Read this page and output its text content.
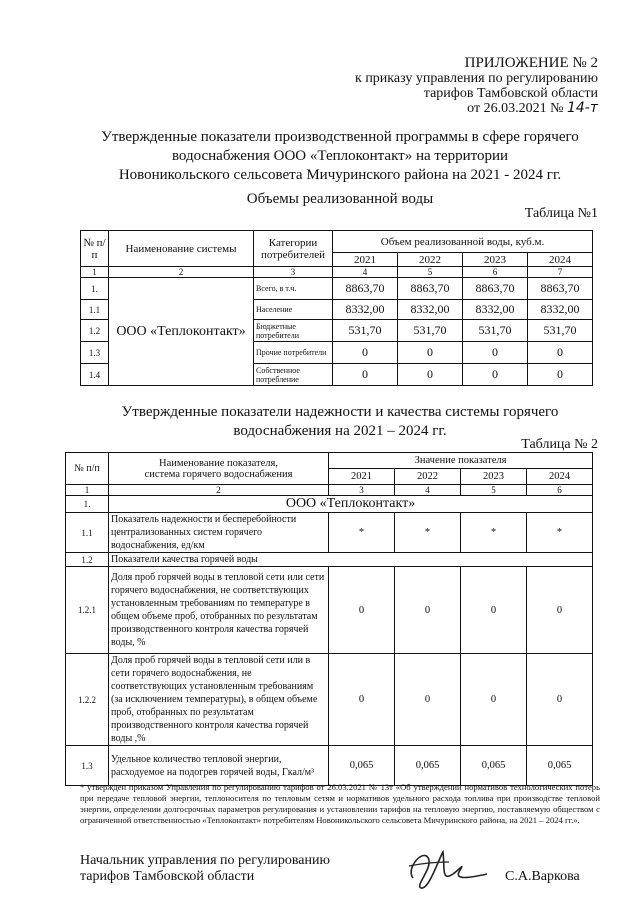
ПРИЛОЖЕНИЕ № 2
к приказу управления по регулированию
тарифов Тамбовской области
от 26.03.2021 № 14-т
Утвержденные показатели производственной программы в сфере горячего
водоснабжения ООО «Теплоконтакт» на территории
Новоникольского сельсовета Мичуринского района на 2021 - 2024 гг.
Объемы реализованной воды
Таблица №1
№ п/п	Наименование системы	Категории потребителей	Объем реализованной воды, куб.м.			
			2021	2022	2023	2024
1	2	3	4	5	6	7
1.	ООО «Теплоконтакт»	Всего, в т.ч.	8863,70	8863,70	8863,70	8863,70
1.1		Население	8332,00	8332,00	8332,00	8332,00
1.2		Бюджетные потребители	531,70	531,70	531,70	531,70
1.3		Прочие потребители	0	0	0	0
1.4		Собственное потребление	0	0	0	0
Утвержденные показатели надежности и качества системы горячего
водоснабжения на 2021 – 2024 гг.
Таблица № 2
№ п/п	Наименование показателя,
система горячего водоснабжения	Значение показателя			
		2021	2022	2023	2024
1	2	3	4	5	6
1.	ООО «Теплоконтакт»				
1.1	Показатель надежности и бесперебойности централизованных систем горячего водоснабжения, ед/км	*	*	*	*
1.2	Показатели качества горячей воды				
1.2.1	Доля проб горячей воды в тепловой сети или сети горячего водоснабжения, не соответствующих установленным требованиям по температуре в общем объеме проб, отобранных по результатам производственного контроля качества горячей воды, %	0	0	0	0
1.2.2	Доля проб горячей воды в тепловой сети или в сети горячего водоснабжения, не соответствующих установленным требованиям (за исключением температуры), в общем объеме проб, отобранных по результатам производственного контроля качества горячей воды ,%	0	0	0	0
1.3	Удельное количество тепловой энергии, расходуемое на подогрев горячей воды, Гкал/м³	0,065	0,065	0,065	0,065
* утвержден приказом Управления по регулированию тарифов от 26.03.2021 № 13т «Об утверждении нормативов технологических потерь при передаче тепловой энергии, теплоносителя по тепловым сетям и нормативов удельного расхода топлива при производстве тепловой энергии, определении долгосрочных параметров регулирования и установлении тарифов на тепловую энергию, поставляемую обществом с ограниченной ответственностью «Теплоконтакт» потребителям Новоникольского сельсовета Мичуринского района, на 2021 – 2024 гг.».
Начальник управления по регулированию
тарифов Тамбовской области	С.А.Варкова
